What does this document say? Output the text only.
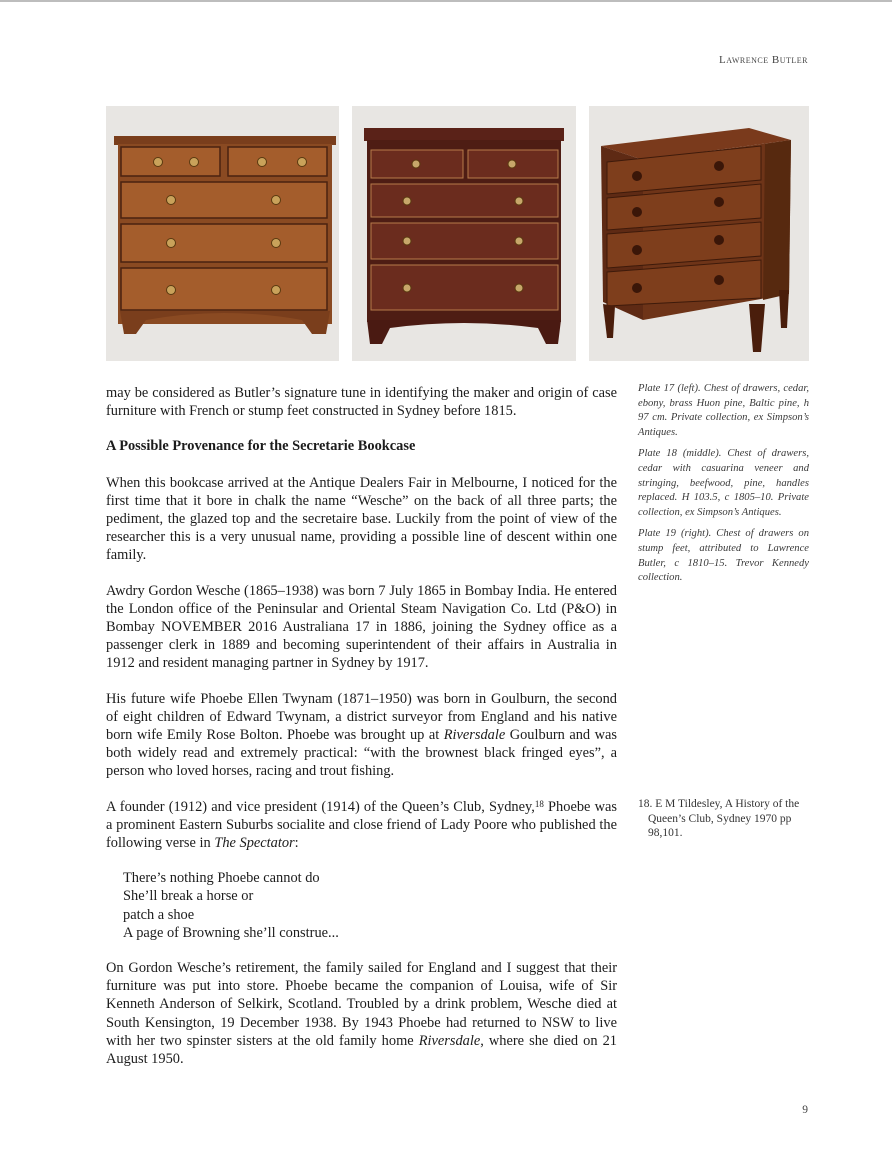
Lawrence Butler

may be considered as Butler’s signature tune in identifying the maker and origin of case furniture with French or stump feet constructed in Sydney before 1815.

A Possible Provenance for the Secretarie Bookcase

When this bookcase arrived at the Antique Dealers Fair in Melbourne, I noticed for the first time that it bore in chalk the name “Wesche” on the back of all three parts; the pediment, the glazed top and the secretaire base. Luckily from the point of view of the researcher this is a very unusual name, providing a possible line of descent within one family.

Awdry Gordon Wesche (1865–1938) was born 7 July 1865 in Bombay India. He entered the London office of the Peninsular and Oriental Steam Navigation Co. Ltd (P&O) in Bombay NOVEMBER 2016 Australiana 17 in 1886, joining the Sydney office as a passenger clerk in 1889 and becoming superintendent of their affairs in Australia in 1912 and resident managing partner in Sydney by 1917.

His future wife Phoebe Ellen Twynam (1871–1950) was born in Goulburn, the second of eight children of Edward Twynam, a district surveyor from England and his native born wife Emily Rose Bolton. Phoebe was brought up at Riversdale Goulburn and was both widely read and extremely practical: “with the brownest black fringed eyes”, a person who loved horses, racing and trout fishing.

A founder (1912) and vice president (1914) of the Queen’s Club, Sydney,$^{18}$ Phoebe was a prominent Eastern Suburbs socialite and close friend of Lady Poore who published the following verse in The Spectator:

There’s nothing Phoebe cannot do
She’ll break a horse or
patch a shoe
A page of Browning she’ll construe...

On Gordon Wesche’s retirement, the family sailed for England and I suggest that their furniture was put into store. Phoebe became the companion of Louisa, wife of Sir Kenneth Anderson of Selkirk, Scotland. Troubled by a drink problem, Wesche died at South Kensington, 19 December 1938. By 1943 Phoebe had returned to NSW to live with her two spinster sisters at the old family home Riversdale, where she died on 21 August 1950.

Plate 17 (left). Chest of drawers, cedar, ebony, brass Huon pine, Baltic pine, h 97 cm. Private collection, ex Simpson’s Antiques.

Plate 18 (middle). Chest of drawers, cedar with casuarina veneer and stringing, beefwood, pine, handles replaced. H 103.5, c 1805–10. Private collection, ex Simpson’s Antiques.

Plate 19 (right). Chest of drawers on stump feet, attributed to Lawrence Butler, c 1810–15. Trevor Kennedy collection.

18. E M Tildesley, A History of the Queen’s Club, Sydney 1970 pp 98,101.
9
